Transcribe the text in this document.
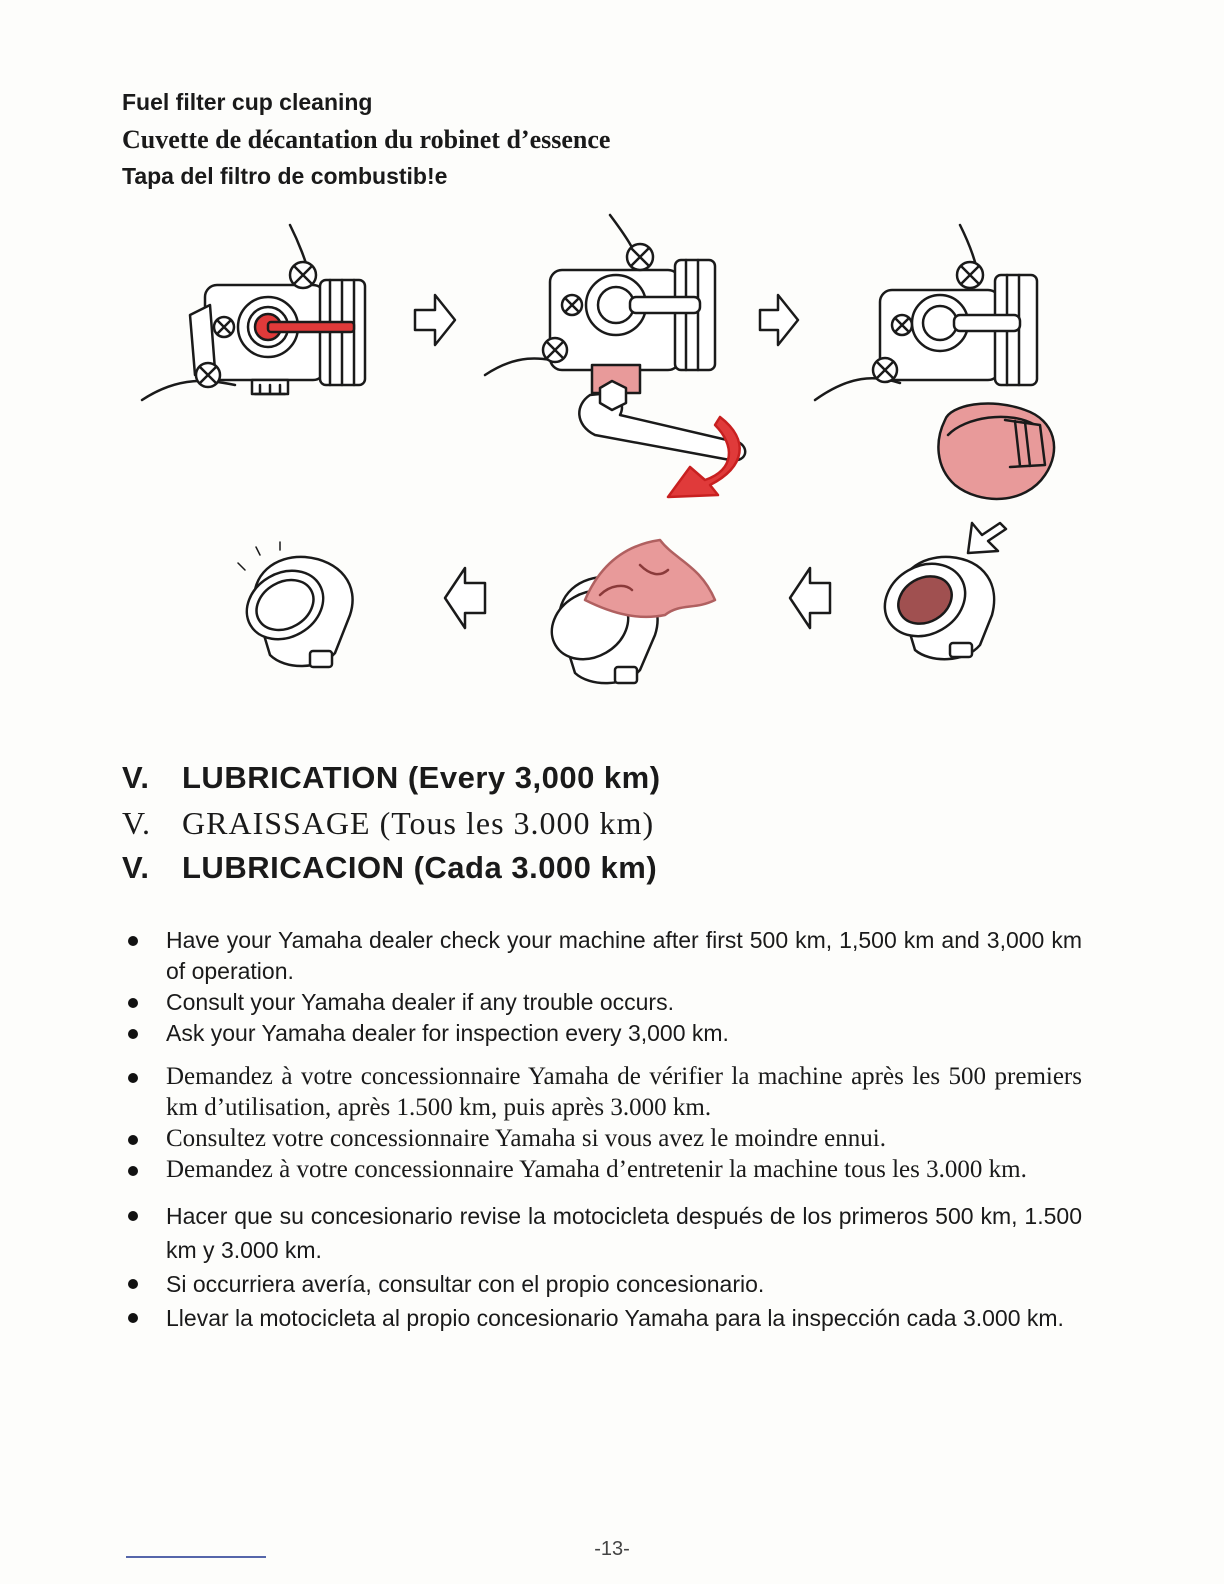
Fuel filter cup cleaning
Cuvette de décantation du robinet d’essence
Tapa del filtro de combustib!e
V. LUBRICATION (Every 3,000 km)
V. GRAISSAGE (Tous les 3.000 km)
V. LUBRICACION (Cada 3.000 km)
Have your Yamaha dealer check your machine after first 500 km, 1,500 km and 3,000 km of operation.
Consult your Yamaha dealer if any trouble occurs.
Ask your Yamaha dealer for inspection every 3,000 km.
Demandez à votre concessionnaire Yamaha de vérifier la machine après les 500 premiers km d’utilisation, après 1.500 km, puis après 3.000 km.
Consultez votre concessionnaire Yamaha si vous avez le moindre ennui.
Demandez à votre concessionnaire Yamaha d’entretenir la machine tous les 3.000 km.
Hacer que su concesionario revise la motocicleta después de los primeros 500 km, 1.500 km y 3.000 km.
Si occurriera avería, consultar con el propio concesionario.
Llevar la motocicleta al propio concesionario Yamaha para la inspección cada 3.000 km.
-13-
